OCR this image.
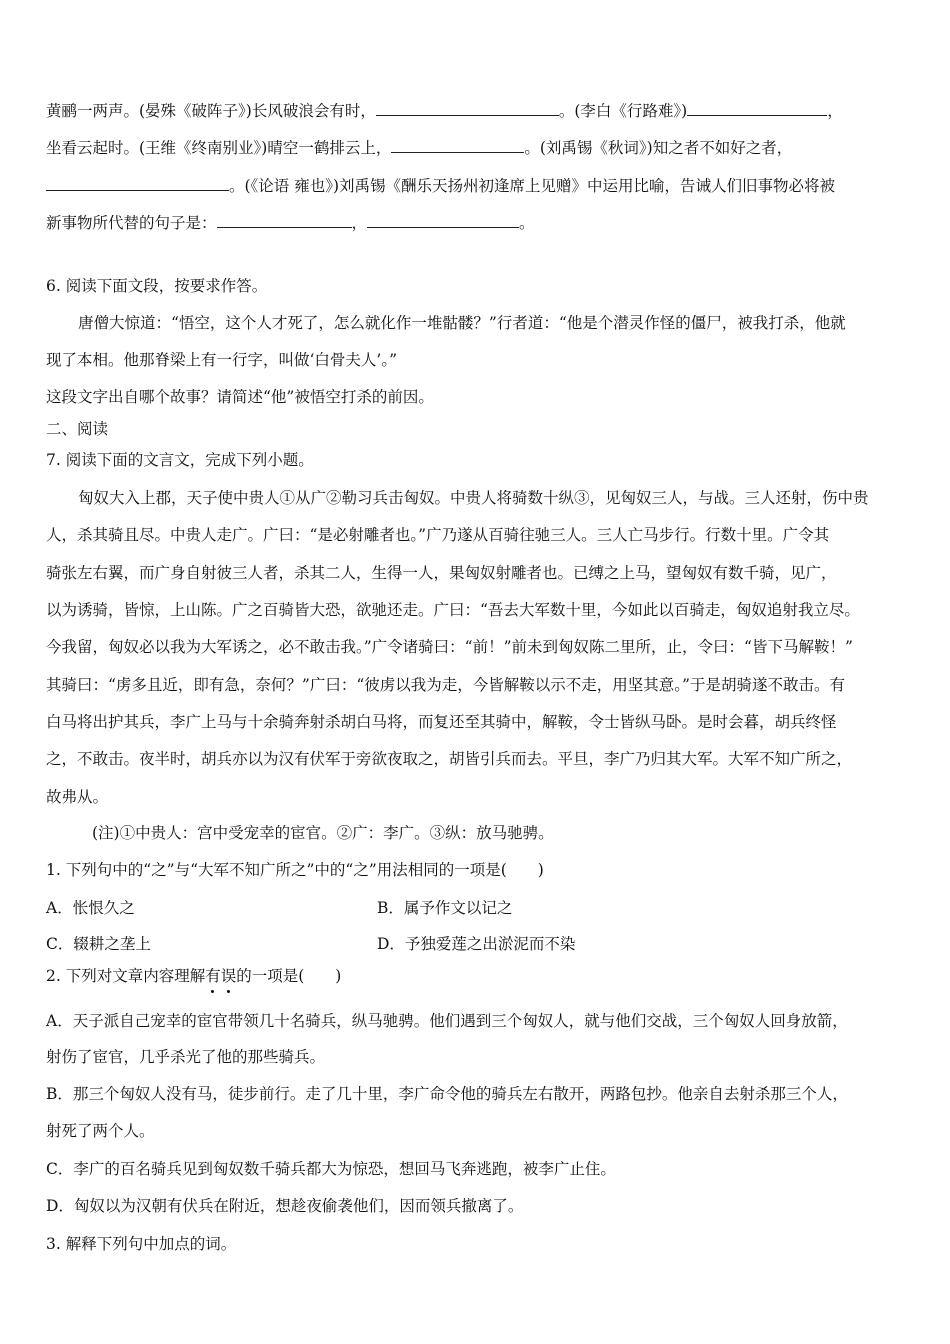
黄鹂一两声。(晏殊《破阵子》)长风破浪会有时，	。(李白《行路难》)	，
坐看云起时。(王维《终南别业》)晴空一鹤排云上，	。(刘禹锡《秋词》)知之者不如好之者，
。(《论语 雍也》)刘禹锡《酬乐天扬州初逢席上见赠》中运用比喻，告诫人们旧事物必将被
新事物所代替的句子是：	，	。
6. 阅读下面文段，按要求作答。
唐僧大惊道：“悟空，这个人才死了，怎么就化作一堆骷髅？”行者道：“他是个潜灵作怪的僵尸，被我打杀，他就
现了本相。他那脊梁上有一行字，叫做‘白骨夫人’。”
这段文字出自哪个故事？请简述“他”被悟空打杀的前因。
二、阅读
7. 阅读下面的文言文，完成下列小题。
匈奴大入上郡，天子使中贵人①从广②勒习兵击匈奴。中贵人将骑数十纵③，见匈奴三人，与战。三人还射，伤中贵
人，杀其骑且尽。中贵人走广。广曰：“是必射雕者也。”广乃遂从百骑往驰三人。三人亡马步行。行数十里。广令其
骑张左右翼，而广身自射彼三人者，杀其二人，生得一人，果匈奴射雕者也。已缚之上马，望匈奴有数千骑，见广，
以为诱骑，皆惊，上山陈。广之百骑皆大恐，欲驰还走。广曰：“吾去大军数十里，今如此以百骑走，匈奴追射我立尽。
今我留，匈奴必以我为大军诱之，必不敢击我。”广令诸骑曰：“前！”前未到匈奴陈二里所，止，令曰：“皆下马解鞍！”
其骑曰：“虏多且近，即有急，奈何？”广曰：“彼虏以我为走，今皆解鞍以示不走，用坚其意。”于是胡骑遂不敢击。有
白马将出护其兵，李广上马与十余骑奔射杀胡白马将，而复还至其骑中，解鞍，令士皆纵马卧。是时会暮，胡兵终怪
之，不敢击。夜半时，胡兵亦以为汉有伏军于旁欲夜取之，胡皆引兵而去。平旦，李广乃归其大军。大军不知广所之，
故弗从。
(注)①中贵人：宫中受宠幸的宦官。②广：李广。③纵：放马驰骋。
1. 下列句中的“之”与“大军不知广所之”中的“之”用法相同的一项是(　　)
A．怅恨久之	B．属予作文以记之
C．辍耕之垄上	D．予独爱莲之出淤泥而不染
2. 下列对文章内容理解有误的一项是(　　)
A．天子派自己宠幸的宦官带领几十名骑兵，纵马驰骋。他们遇到三个匈奴人，就与他们交战，三个匈奴人回身放箭，
射伤了宦官，几乎杀光了他的那些骑兵。
B．那三个匈奴人没有马，徒步前行。走了几十里，李广命令他的骑兵左右散开，两路包抄。他亲自去射杀那三个人，
射死了两个人。
C．李广的百名骑兵见到匈奴数千骑兵都大为惊恐，想回马飞奔逃跑，被李广止住。
D．匈奴以为汉朝有伏兵在附近，想趁夜偷袭他们，因而领兵撤离了。
3. 解释下列句中加点的词。
